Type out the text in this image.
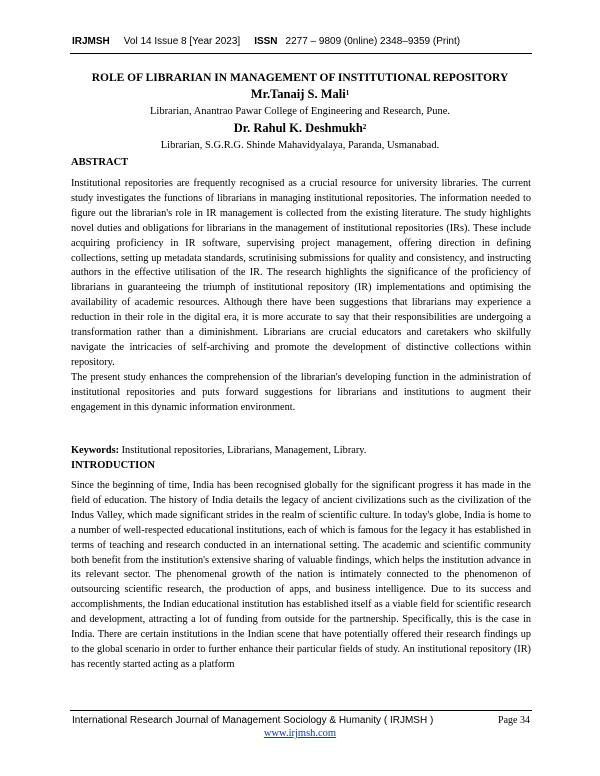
IRJMSH Vol 14 Issue 8 [Year 2023] ISSN 2277 – 9809 (0nline) 2348–9359 (Print)
ROLE OF LIBRARIAN IN MANAGEMENT OF INSTITUTIONAL REPOSITORY
Mr.Tanaij S. Mali$^1$
Librarian, Anantrao Pawar College of Engineering and Research, Pune.
Dr. Rahul K. Deshmukh$^2$
Librarian, S.G.R.G. Shinde Mahavidyalaya, Paranda, Usmanabad.
ABSTRACT

Institutional repositories are frequently recognised as a crucial resource for university libraries. The current study investigates the functions of librarians in managing institutional repositories. The information needed to figure out the librarian's role in IR management is collected from the existing literature. The study highlights novel duties and obligations for librarians in the management of institutional repositories (IRs). These include acquiring proficiency in IR software, supervising project management, offering direction in defining collections, setting up metadata standards, scrutinising submissions for quality and consistency, and instructing authors in the effective utilisation of the IR. The research highlights the significance of the proficiency of librarians in guaranteeing the triumph of institutional repository (IR) implementations and optimising the availability of academic resources. Although there have been suggestions that librarians may experience a reduction in their role in the digital era, it is more accurate to say that their responsibilities are undergoing a transformation rather than a diminishment. Librarians are crucial educators and caretakers who skilfully navigate the intricacies of self-archiving and promote the development of distinctive collections within repository.

The present study enhances the comprehension of the librarian's developing function in the administration of institutional repositories and puts forward suggestions for librarians and institutions to augment their engagement in this dynamic information environment.

Keywords: Institutional repositories, Librarians, Management, Library.
INTRODUCTION

Since the beginning of time, India has been recognised globally for the significant progress it has made in the field of education. The history of India details the legacy of ancient civilizations such as the civilization of the Indus Valley, which made significant strides in the realm of scientific culture. In today's globe, India is home to a number of well-respected educational institutions, each of which is famous for the legacy it has established in terms of teaching and research conducted in an international setting. The academic and scientific community both benefit from the institution's extensive sharing of valuable findings, which helps the institution advance in its relevant sector. The phenomenal growth of the nation is intimately connected to the phenomenon of outsourcing scientific research, the production of apps, and business intelligence. Due to its success and accomplishments, the Indian educational institution has established itself as a viable field for scientific research and development, attracting a lot of funding from outside for the partnership. Specifically, this is the case in India. There are certain institutions in the Indian scene that have potentially offered their research findings up to the global scenario in order to further enhance their particular fields of study. An institutional repository (IR) has recently started acting as a platform

International Research Journal of Management Sociology & Humanity ( IRJMSH )	Page 34
www.irjmsh.com
